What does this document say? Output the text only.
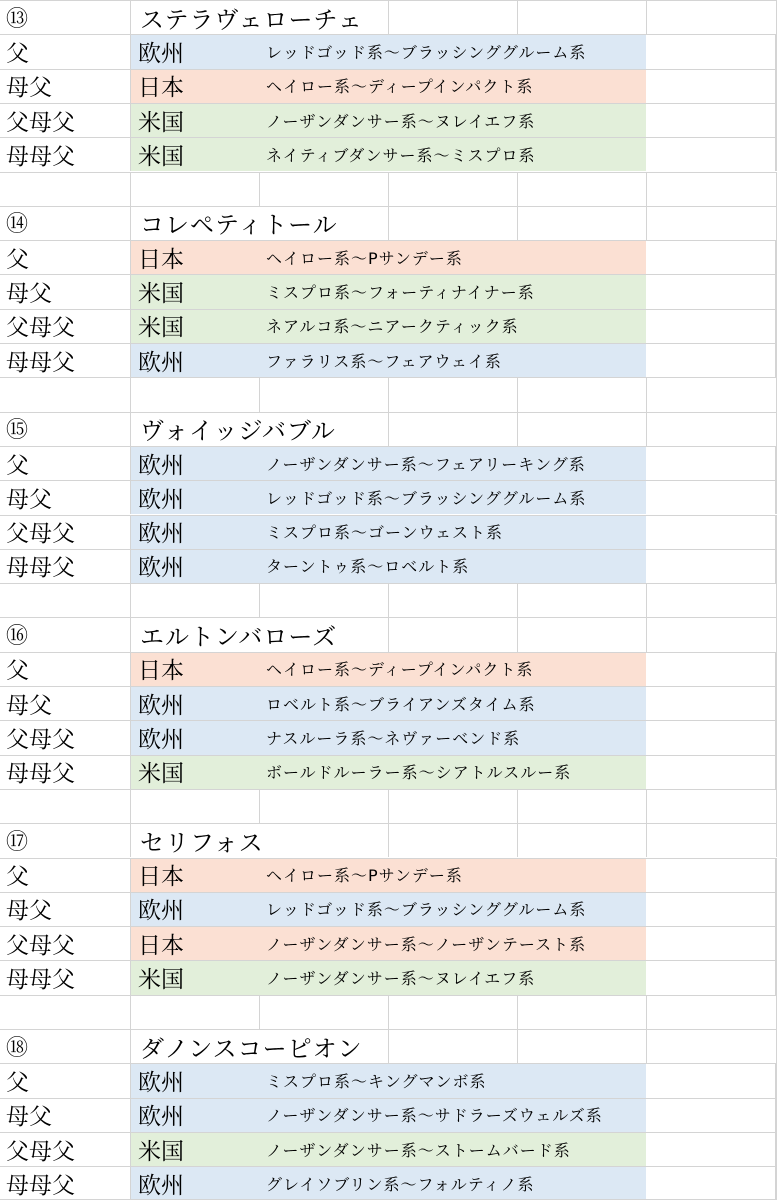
⑬	ステラヴェローチェ
父	欧州	レッドゴッド系〜ブラッシンググルーム系
母父	日本	ヘイロー系〜ディープインパクト系
父母父	米国	ノーザンダンサー系〜ヌレイエフ系
母母父	米国	ネイティブダンサー系〜ミスプロ系
⑭	コレペティトール
父	日本	ヘイロー系〜Pサンデー系
母父	米国	ミスプロ系〜フォーティナイナー系
父母父	米国	ネアルコ系〜ニアークティック系
母母父	欧州	ファラリス系〜フェアウェイ系
⑮	ヴォイッジバブル
父	欧州	ノーザンダンサー系〜フェアリーキング系
母父	欧州	レッドゴッド系〜ブラッシンググルーム系
父母父	欧州	ミスプロ系〜ゴーンウェスト系
母母父	欧州	ターントゥ系〜ロベルト系
⑯	エルトンバローズ
父	日本	ヘイロー系〜ディープインパクト系
母父	欧州	ロベルト系〜ブライアンズタイム系
父母父	欧州	ナスルーラ系〜ネヴァーベンド系
母母父	米国	ボールドルーラー系〜シアトルスルー系
⑰	セリフォス
父	日本	ヘイロー系〜Pサンデー系
母父	欧州	レッドゴッド系〜ブラッシンググルーム系
父母父	日本	ノーザンダンサー系〜ノーザンテースト系
母母父	米国	ノーザンダンサー系〜ヌレイエフ系
⑱	ダノンスコーピオン
父	欧州	ミスプロ系〜キングマンボ系
母父	欧州	ノーザンダンサー系〜サドラーズウェルズ系
父母父	米国	ノーザンダンサー系〜ストームバード系
母母父	欧州	グレイソブリン系〜フォルティノ系
